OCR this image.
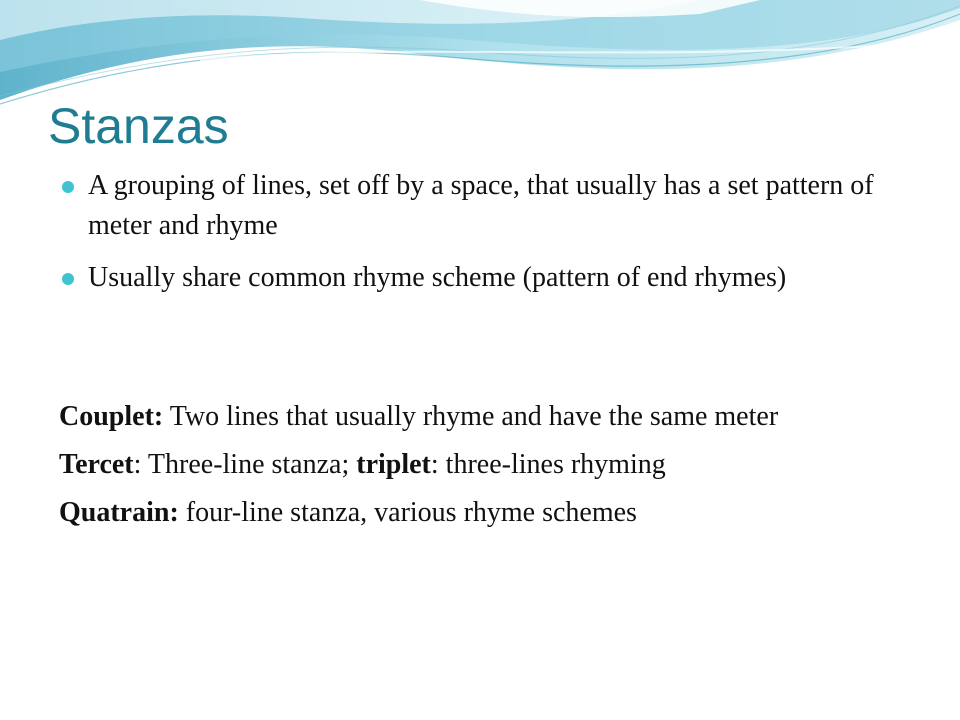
Stanzas
A grouping of lines, set off by a space, that usually has a set pattern of meter and rhyme
Usually share common rhyme scheme (pattern of end rhymes)

Couplet: Two lines that usually rhyme and have the same meter

Tercet: Three-line stanza; triplet: three-lines rhyming

Quatrain: four-line stanza, various rhyme schemes
